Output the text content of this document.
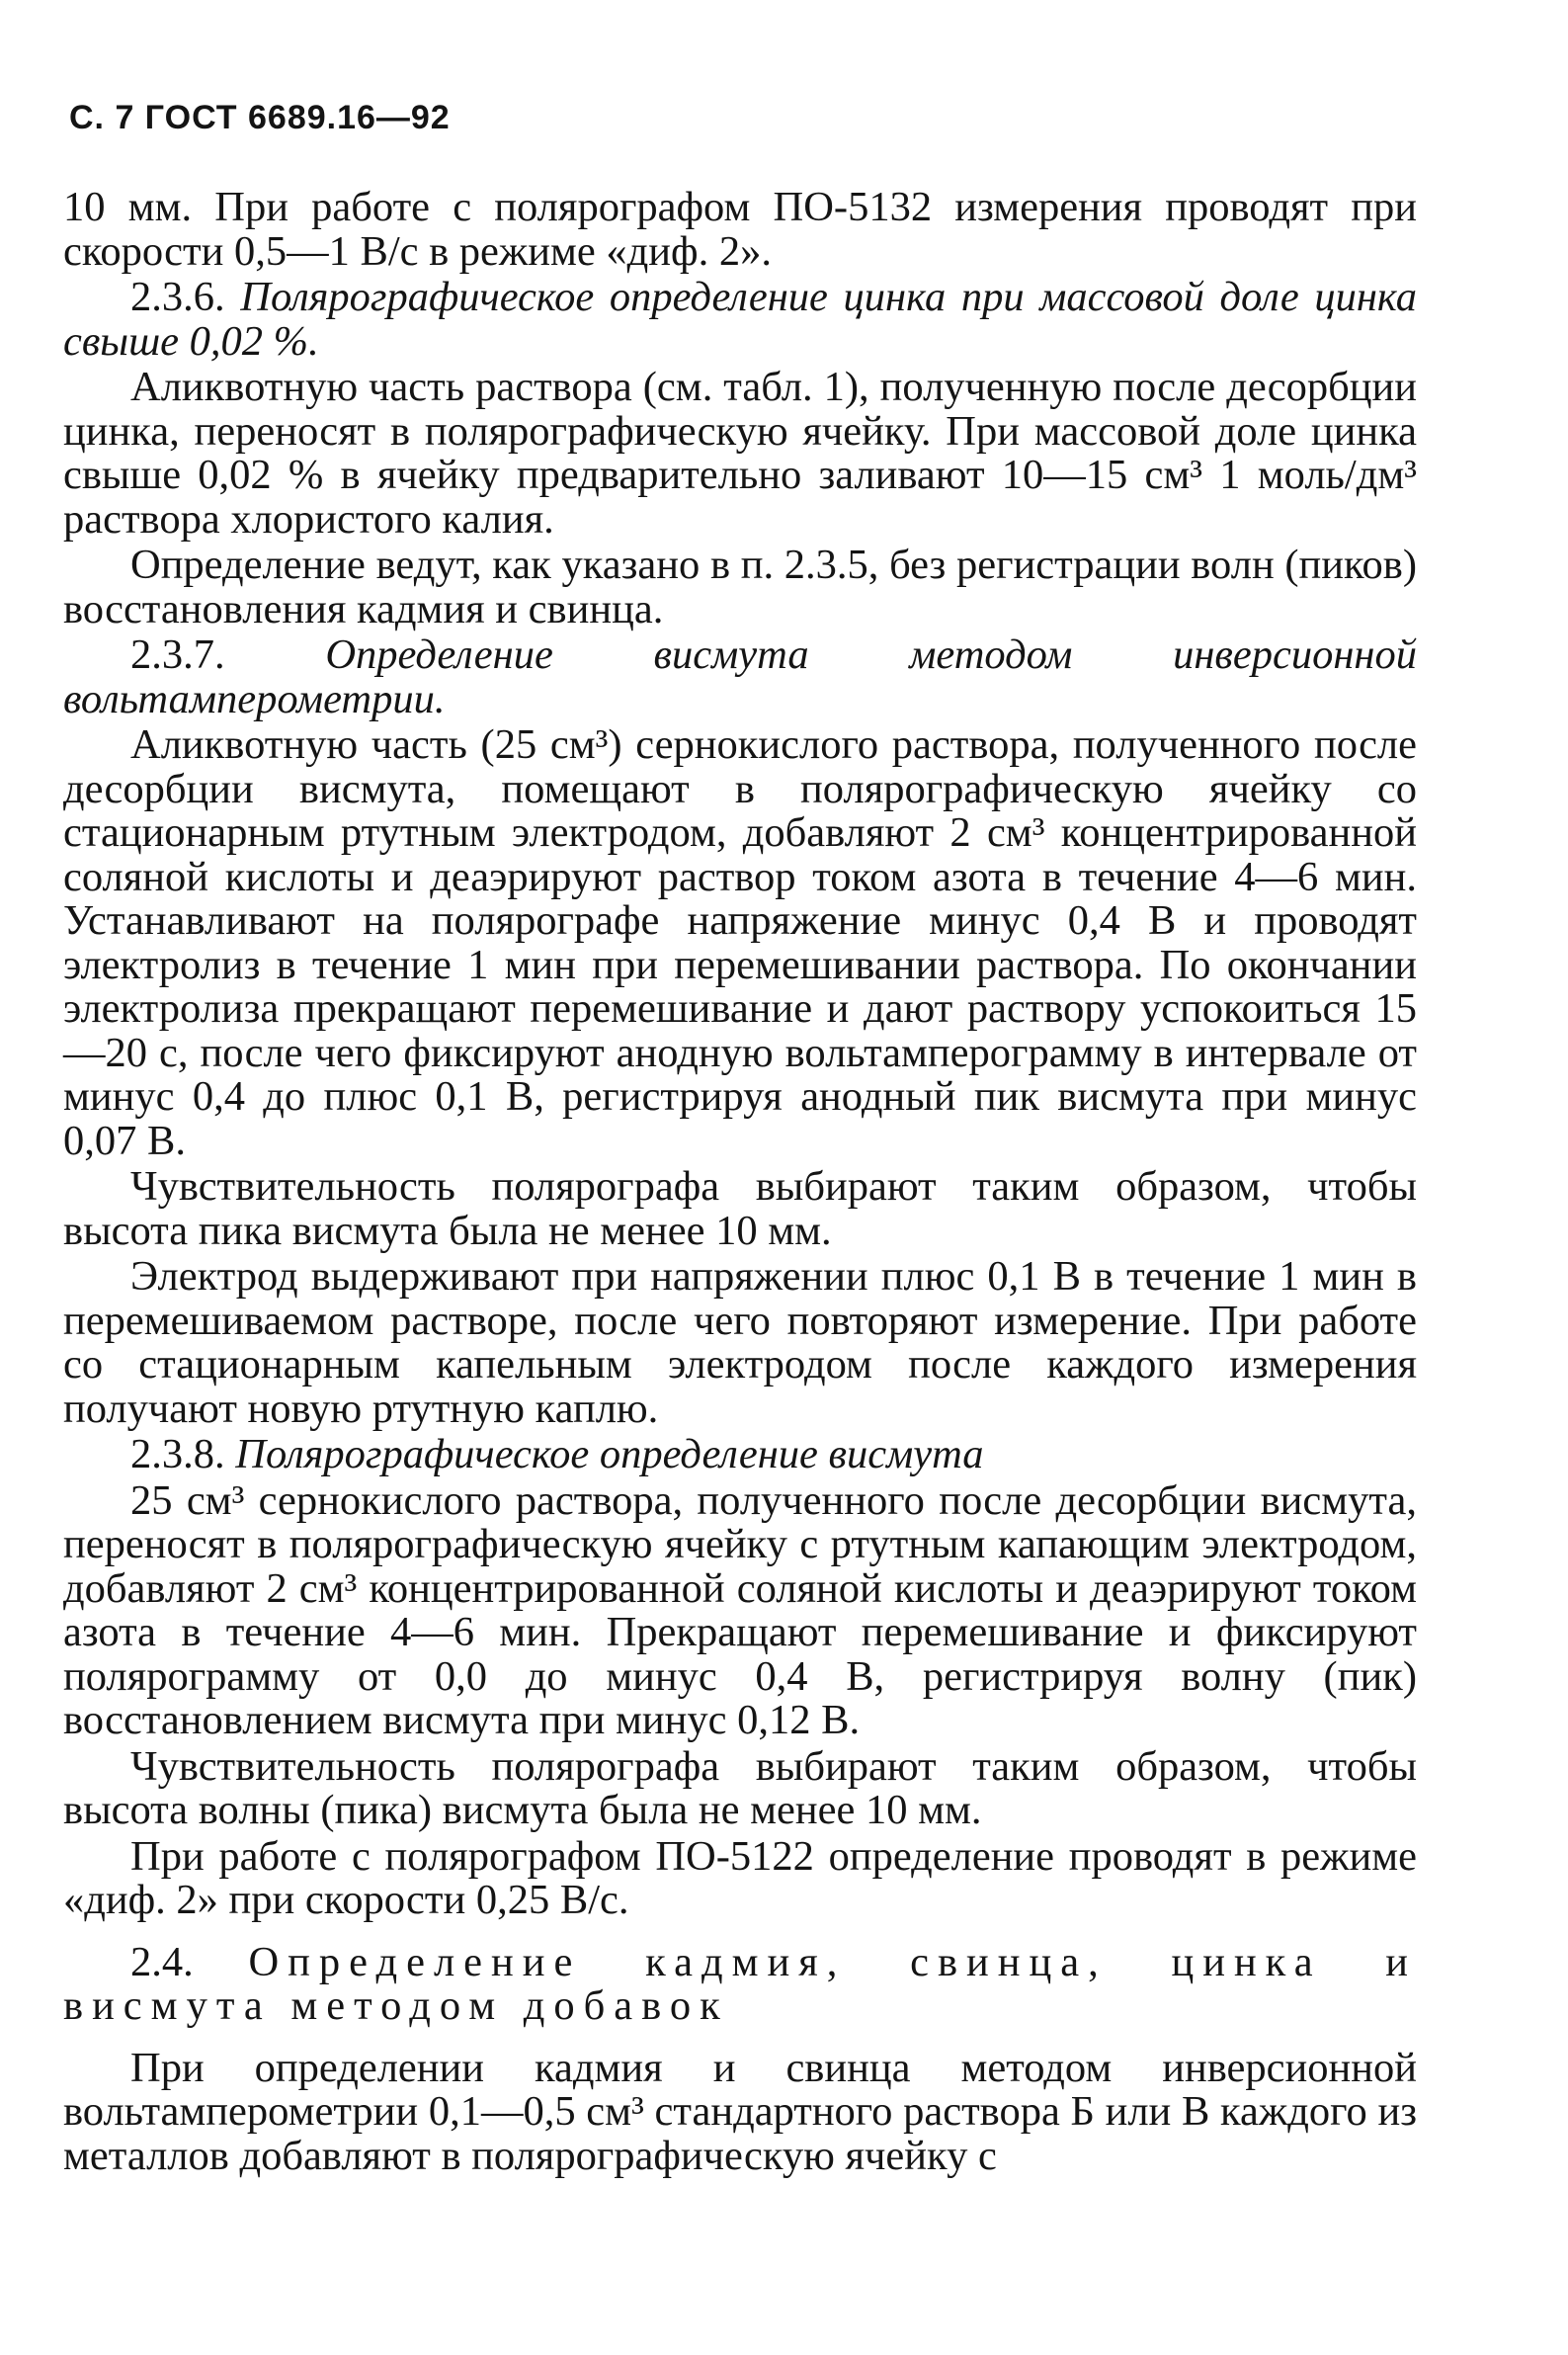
С. 7 ГОСТ 6689.16—92

10 мм. При работе с полярографом ПО-5132 измерения проводят при скорости 0,5—1 В/с в режиме «диф. 2».

2.3.6. Полярографическое определение цинка при массовой доле цинка свыше 0,02 %.

Аликвотную часть раствора (см. табл. 1), полученную после десорбции цинка, переносят в полярографическую ячейку. При массовой доле цинка свыше 0,02 % в ячейку предварительно заливают 10—15 см³ 1 моль/дм³ раствора хлористого калия.

Определение ведут, как указано в п. 2.3.5, без регистрации волн (пиков) восстановления кадмия и свинца.

2.3.7. Определение висмута методом инверсионной вольтамперометрии.

Аликвотную часть (25 см³) сернокислого раствора, полученного после десорбции висмута, помещают в полярографическую ячейку со стационарным ртутным электродом, добавляют 2 см³ концентрированной соляной кислоты и деаэрируют раствор током азота в течение 4—6 мин. Устанавливают на полярографе напряжение минус 0,4 В и проводят электролиз в течение 1 мин при перемешивании раствора. По окончании электролиза прекращают перемешивание и дают раствору успокоиться 15—20 с, после чего фиксируют анодную вольтамперограмму в интервале от минус 0,4 до плюс 0,1 В, регистрируя анодный пик висмута при минус 0,07 В.

Чувствительность полярографа выбирают таким образом, чтобы высота пика висмута была не менее 10 мм.

Электрод выдерживают при напряжении плюс 0,1 В в течение 1 мин в перемешиваемом растворе, после чего повторяют измерение. При работе со стационарным капельным электродом после каждого измерения получают новую ртутную каплю.

2.3.8. Полярографическое определение висмута

25 см³ сернокислого раствора, полученного после десорбции висмута, переносят в полярографическую ячейку с ртутным капающим электродом, добавляют 2 см³ концентрированной соляной кислоты и деаэрируют током азота в течение 4—6 мин. Прекращают перемешивание и фиксируют полярограмму от 0,0 до минус 0,4 В, регистрируя волну (пик) восстановлением висмута при минус 0,12 В.

Чувствительность полярографа выбирают таким образом, чтобы высота волны (пика) висмута была не менее 10 мм.

При работе с полярографом ПО-5122 определение проводят в режиме «диф. 2» при скорости 0,25 В/с.

2.4. Определение кадмия, свинца, цинка и висмута методом добавок

При определении кадмия и свинца методом инверсионной вольтамперометрии 0,1—0,5 см³ стандартного раствора Б или В каждого из металлов добавляют в полярографическую ячейку с
